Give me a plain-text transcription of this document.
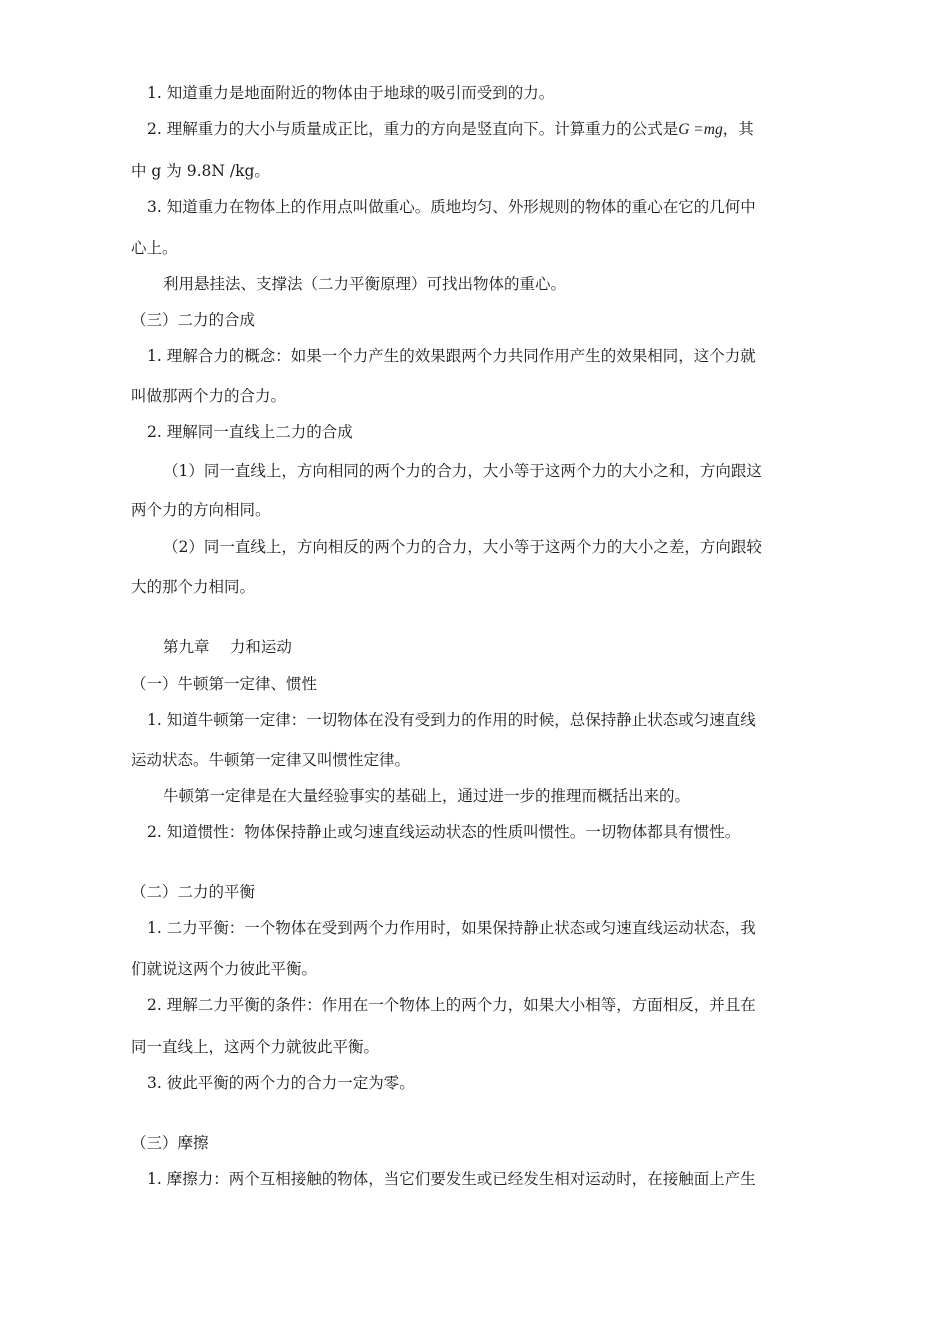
1. 知道重力是地面附近的物体由于地球的吸引而受到的力。
2. 理解重力的大小与质量成正比，重力的方向是竖直向下。计算重力的公式是G =mg，其
中 g 为 9.8N /kg。
3. 知道重力在物体上的作用点叫做重心。质地均匀、外形规则的物体的重心在它的几何中
心上。
利用悬挂法、支撑法（二力平衡原理）可找出物体的重心。
（三）二力的合成
1. 理解合力的概念：如果一个力产生的效果跟两个力共同作用产生的效果相同，这个力就
叫做那两个力的合力。
2. 理解同一直线上二力的合成
（1）同一直线上，方向相同的两个力的合力，大小等于这两个力的大小之和，方向跟这
两个力的方向相同。
（2）同一直线上，方向相反的两个力的合力，大小等于这两个力的大小之差，方向跟较
大的那个力相同。
第九章　 力和运动
（一）牛顿第一定律、惯性
1. 知道牛顿第一定律：一切物体在没有受到力的作用的时候，总保持静止状态或匀速直线
运动状态。牛顿第一定律又叫惯性定律。
牛顿第一定律是在大量经验事实的基础上，通过进一步的推理而概括出来的。
2. 知道惯性：物体保持静止或匀速直线运动状态的性质叫惯性。一切物体都具有惯性。
（二）二力的平衡
1. 二力平衡：一个物体在受到两个力作用时，如果保持静止状态或匀速直线运动状态，我
们就说这两个力彼此平衡。
2. 理解二力平衡的条件：作用在一个物体上的两个力，如果大小相等，方面相反，并且在
同一直线上，这两个力就彼此平衡。
3. 彼此平衡的两个力的合力一定为零。
（三）摩擦
1. 摩擦力：两个互相接触的物体，当它们要发生或已经发生相对运动时，在接触面上产生
